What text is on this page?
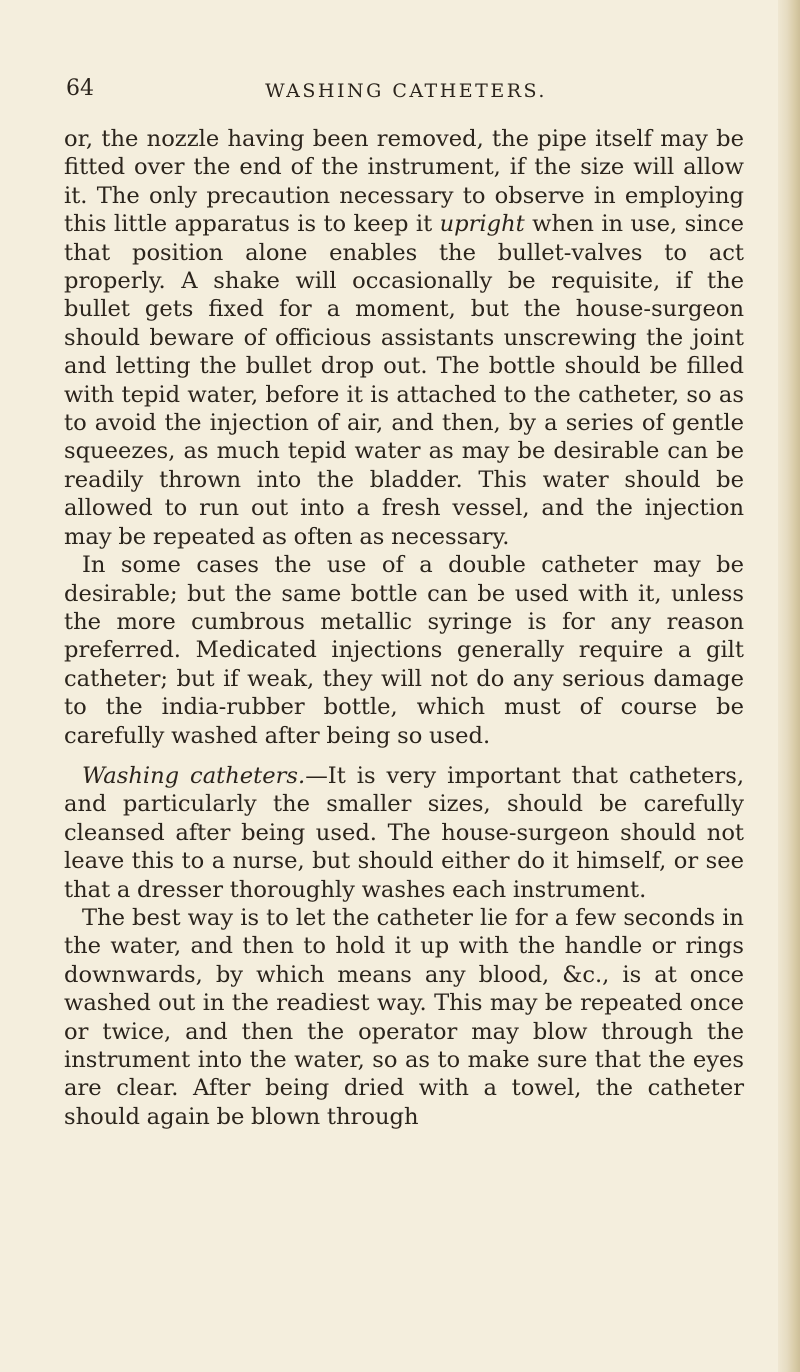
64	WASHING CATHETERS.

or, the nozzle having been removed, the pipe itself may be fitted over the end of the instrument, if the size will allow it. The only precaution necessary to observe in employing this little apparatus is to keep it upright when in use, since that position alone enables the bullet-valves to act properly. A shake will occasionally be requisite, if the bullet gets fixed for a moment, but the house-surgeon should beware of officious assistants unscrewing the joint and letting the bullet drop out. The bottle should be filled with tepid water, before it is attached to the catheter, so as to avoid the injection of air, and then, by a series of gentle squeezes, as much tepid water as may be desirable can be readily thrown into the bladder. This water should be allowed to run out into a fresh vessel, and the injection may be repeated as often as necessary.

In some cases the use of a double catheter may be desirable; but the same bottle can be used with it, unless the more cumbrous metallic syringe is for any reason preferred. Medicated injections generally require a gilt catheter; but if weak, they will not do any serious damage to the india-rubber bottle, which must of course be carefully washed after being so used.

Washing catheters.—It is very important that catheters, and particularly the smaller sizes, should be carefully cleansed after being used. The house-surgeon should not leave this to a nurse, but should either do it himself, or see that a dresser thoroughly washes each instrument.

The best way is to let the catheter lie for a few seconds in the water, and then to hold it up with the handle or rings downwards, by which means any blood, &c., is at once washed out in the readiest way. This may be repeated once or twice, and then the operator may blow through the instrument into the water, so as to make sure that the eyes are clear. After being dried with a towel, the catheter should again be blown through
